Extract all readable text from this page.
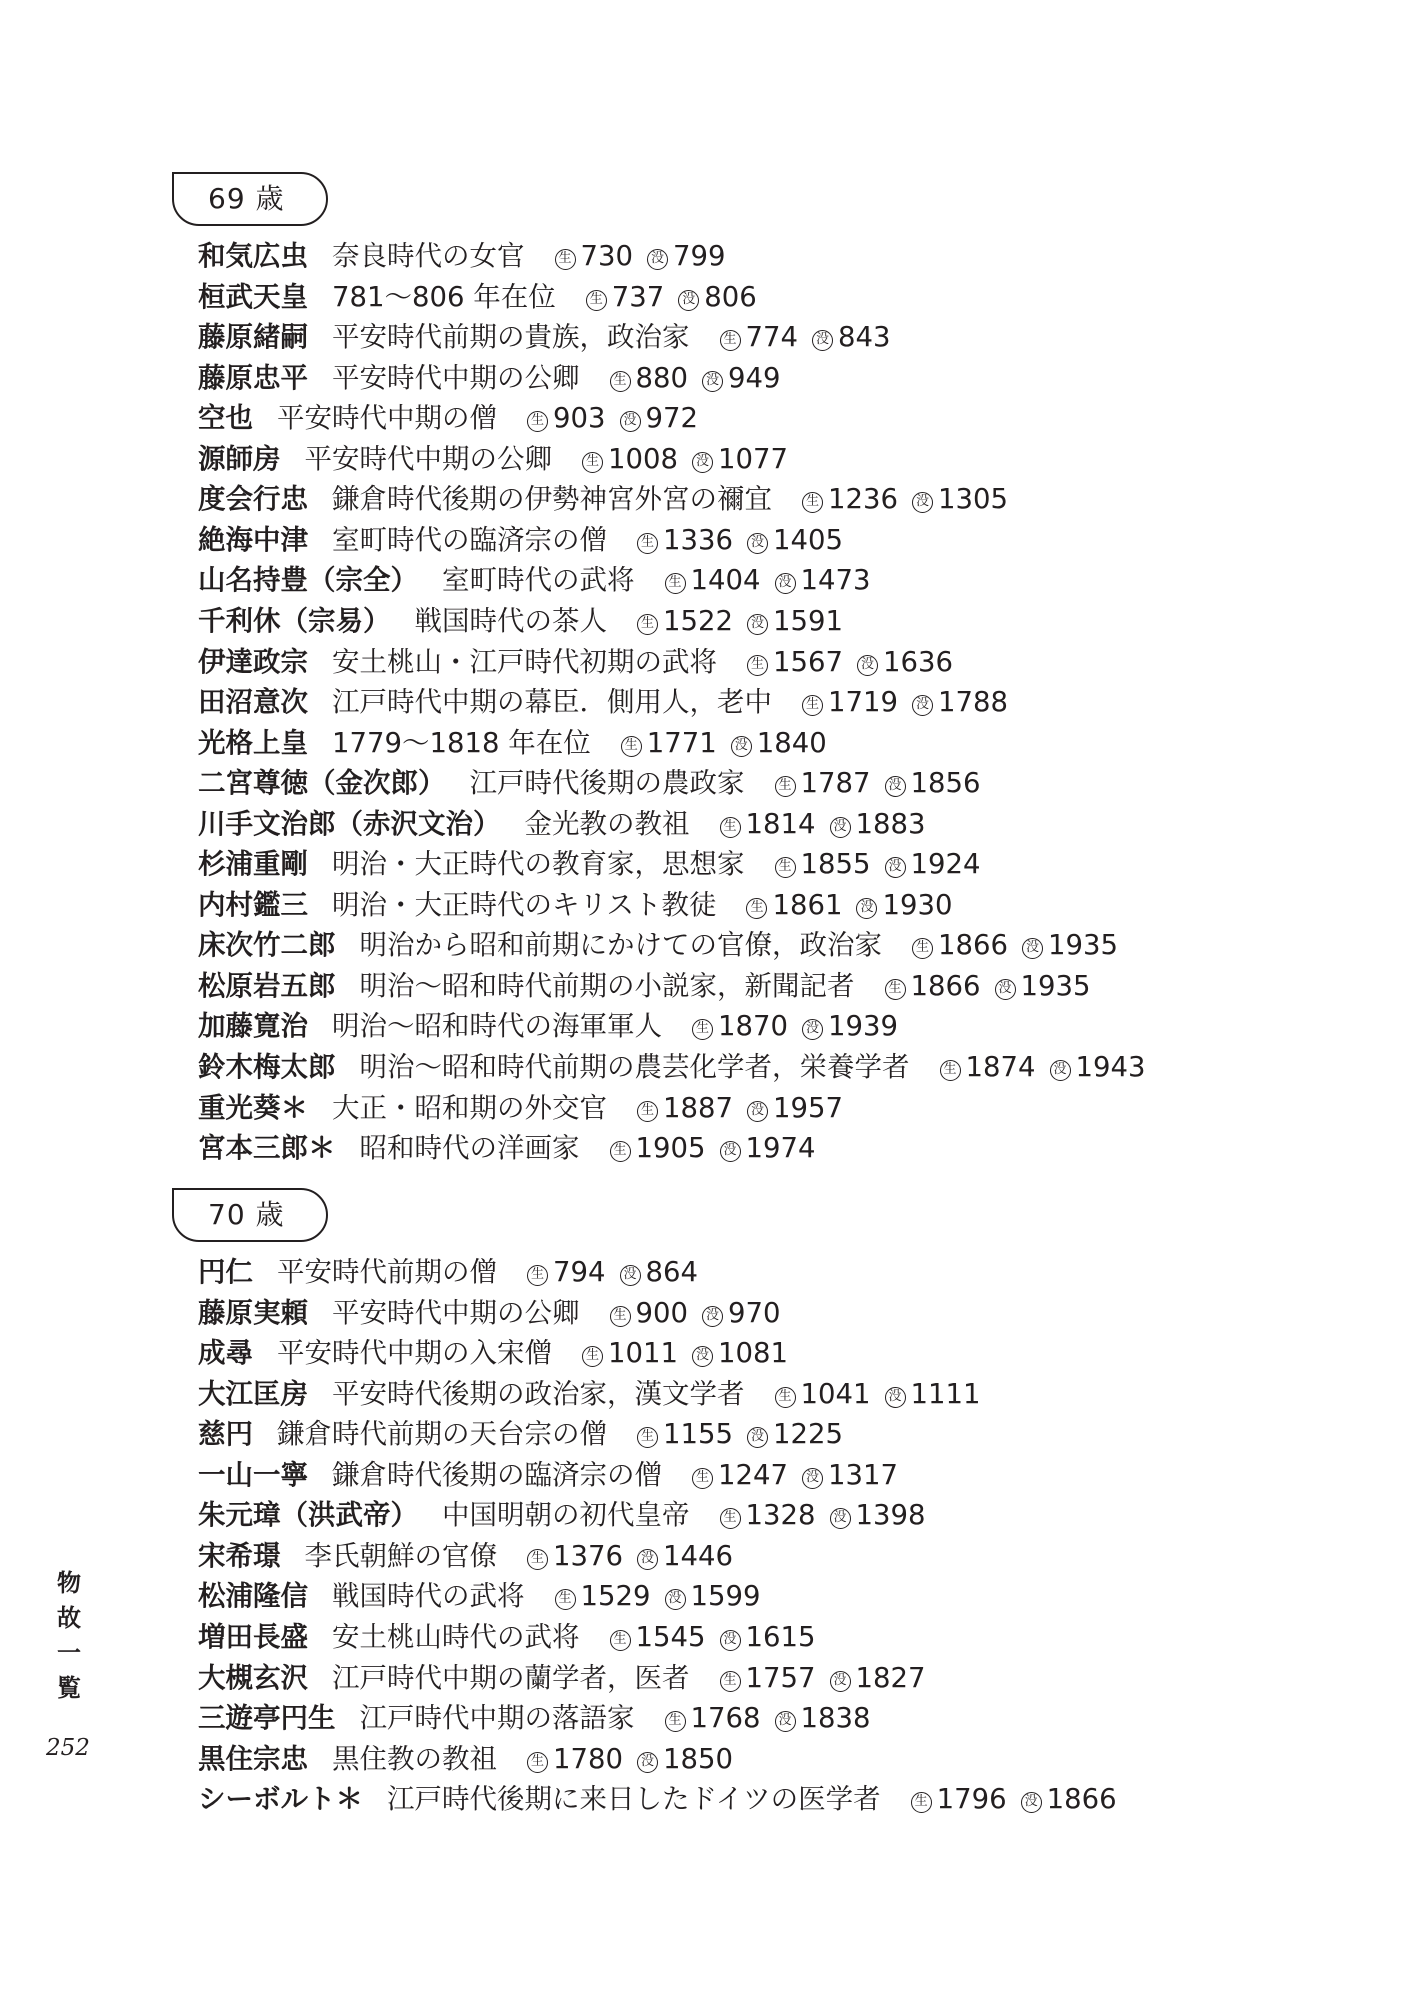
69 歳
和気広虫 奈良時代の女官	生 730 没 799
桓武天皇 781～806 年在位	生 737 没 806
藤原緒嗣 平安時代前期の貴族，政治家	生 774 没 843
藤原忠平 平安時代中期の公卿	生 880 没 949
空也 平安時代中期の僧	生 903 没 972
源師房 平安時代中期の公卿	生 1008 没 1077
度会行忠 鎌倉時代後期の伊勢神宮外宮の禰宜	生 1236 没 1305
絶海中津 室町時代の臨済宗の僧	生 1336 没 1405
山名持豊（宗全） 室町時代の武将	生 1404 没 1473
千利休（宗易） 戦国時代の茶人	生 1522 没 1591
伊達政宗 安土桃山・江戸時代初期の武将	生 1567 没 1636
田沼意次 江戸時代中期の幕臣．側用人，老中	生 1719 没 1788
光格上皇 1779～1818 年在位	生 1771 没 1840
二宮尊徳（金次郎） 江戸時代後期の農政家	生 1787 没 1856
川手文治郎（赤沢文治） 金光教の教祖	生 1814 没 1883
杉浦重剛 明治・大正時代の教育家，思想家	生 1855 没 1924
内村鑑三 明治・大正時代のキリスト教徒	生 1861 没 1930
床次竹二郎 明治から昭和前期にかけての官僚，政治家	生 1866 没 1935
松原岩五郎 明治～昭和時代前期の小説家，新聞記者	生 1866 没 1935
加藤寛治 明治～昭和時代の海軍軍人	生 1870 没 1939
鈴木梅太郎 明治～昭和時代前期の農芸化学者，栄養学者	生 1874 没 1943
重光葵＊ 大正・昭和期の外交官	生 1887 没 1957
宮本三郎＊ 昭和時代の洋画家	生 1905 没 1974
70 歳
円仁 平安時代前期の僧	生 794 没 864
藤原実頼 平安時代中期の公卿	生 900 没 970
成尋 平安時代中期の入宋僧	生 1011 没 1081
大江匡房 平安時代後期の政治家，漢文学者	生 1041 没 1111
慈円 鎌倉時代前期の天台宗の僧	生 1155 没 1225
一山一寧 鎌倉時代後期の臨済宗の僧	生 1247 没 1317
朱元璋（洪武帝） 中国明朝の初代皇帝	生 1328 没 1398
宋希璟 李氏朝鮮の官僚	生 1376 没 1446
松浦隆信 戦国時代の武将	生 1529 没 1599
増田長盛 安土桃山時代の武将	生 1545 没 1615
大槻玄沢 江戸時代中期の蘭学者，医者	生 1757 没 1827
三遊亭円生 江戸時代中期の落語家	生 1768 没 1838
黒住宗忠 黒住教の教祖	生 1780 没 1850
シーボルト＊ 江戸時代後期に来日したドイツの医学者	生 1796 没 1866
物
故
一
覧
252
